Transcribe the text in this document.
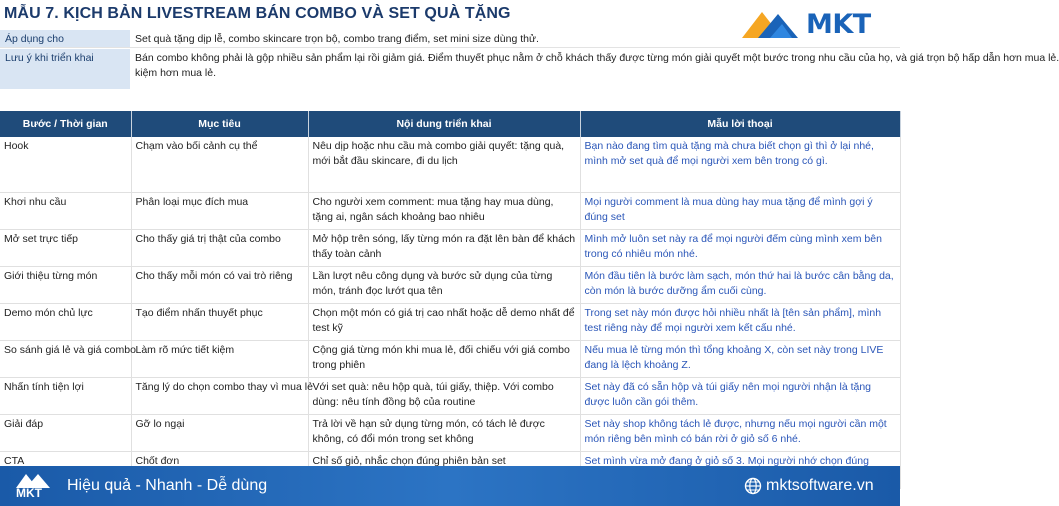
MẪU 7. KỊCH BẢN LIVESTREAM BÁN COMBO VÀ SET QUÀ TẶNG	MKT
Áp dụng cho	Set quà tặng dịp lễ, combo skincare trọn bộ, combo trang điểm, set mini size dùng thử.
Lưu ý khi triển khai	Bán combo không phải là gộp nhiều sản phẩm lại rồi giảm giá. Điểm thuyết phục nằm ở chỗ khách thấy được từng món giải quyết một bước trong nhu cầu của họ, và giá trọn bộ hấp dẫn hơn mua lẻ.
kiệm hơn mua lẻ.
Bước / Thời gian	Mục tiêu	Nội dung triển khai	Mẫu lời thoại
Hook	Chạm vào bối cảnh cụ thể	Nêu dịp hoặc nhu cầu mà combo giải quyết: tặng quà, mới bắt đầu skincare, đi du lịch	Bạn nào đang tìm quà tặng mà chưa biết chọn gì thì ở lại nhé, mình mở set quà để mọi người xem bên trong có gì.
Khơi nhu cầu	Phân loại mục đích mua	Cho người xem comment: mua tặng hay mua dùng, tặng ai, ngân sách khoảng bao nhiêu	Mọi người comment là mua dùng hay mua tặng để mình gợi ý đúng set
Mở set trực tiếp	Cho thấy giá trị thật của combo	Mở hộp trên sóng, lấy từng món ra đặt lên bàn để khách thấy toàn cảnh	Mình mở luôn set này ra để mọi người đếm cùng mình xem bên trong có nhiêu món nhé.
Giới thiệu từng món	Cho thấy mỗi món có vai trò riêng	Lần lượt nêu công dụng và bước sử dụng của từng món, tránh đọc lướt qua tên	Món đầu tiên là bước làm sạch, món thứ hai là bước cân bằng da, còn món là bước dưỡng ẩm cuối cùng.
Demo món chủ lực	Tạo điểm nhấn thuyết phục	Chọn một món có giá trị cao nhất hoặc dễ demo nhất để test kỹ	Trong set này món được hỏi nhiều nhất là [tên sản phẩm], mình test riêng này để mọi người xem kết cấu nhé.
So sánh giá lẻ và giá combo	Làm rõ mức tiết kiệm	Cộng giá từng món khi mua lẻ, đối chiếu với giá combo trong phiên	Nếu mua lẻ từng món thì tổng khoảng X, còn set này trong LIVE đang là lệch khoảng Z.
Nhấn tính tiện lợi	Tăng lý do chọn combo thay vì mua lẻ	Với set quà: nêu hộp quà, túi giấy, thiệp. Với combo dùng: nêu tính đồng bộ của routine	Set này đã có sẵn hộp và túi giấy nên mọi người nhận là tặng được luôn cần gói thêm.
Giải đáp	Gỡ lo ngại	Trả lời về hạn sử dụng từng món, có tách lẻ được không, có đổi món trong set không	Set này shop không tách lẻ được, nhưng nếu mọi người cần một món riêng bên mình có bán rời ở giỏ số 6 nhé.
CTA	Chốt đơn	Chỉ số giỏ, nhắc chọn đúng phiên bản set	Set mình vừa mở đang ở giỏ số 3. Mọi người nhớ chọn đúng
MKT Hiệu quả - Nhanh - Dễ dùng	mktsoftware.vn
